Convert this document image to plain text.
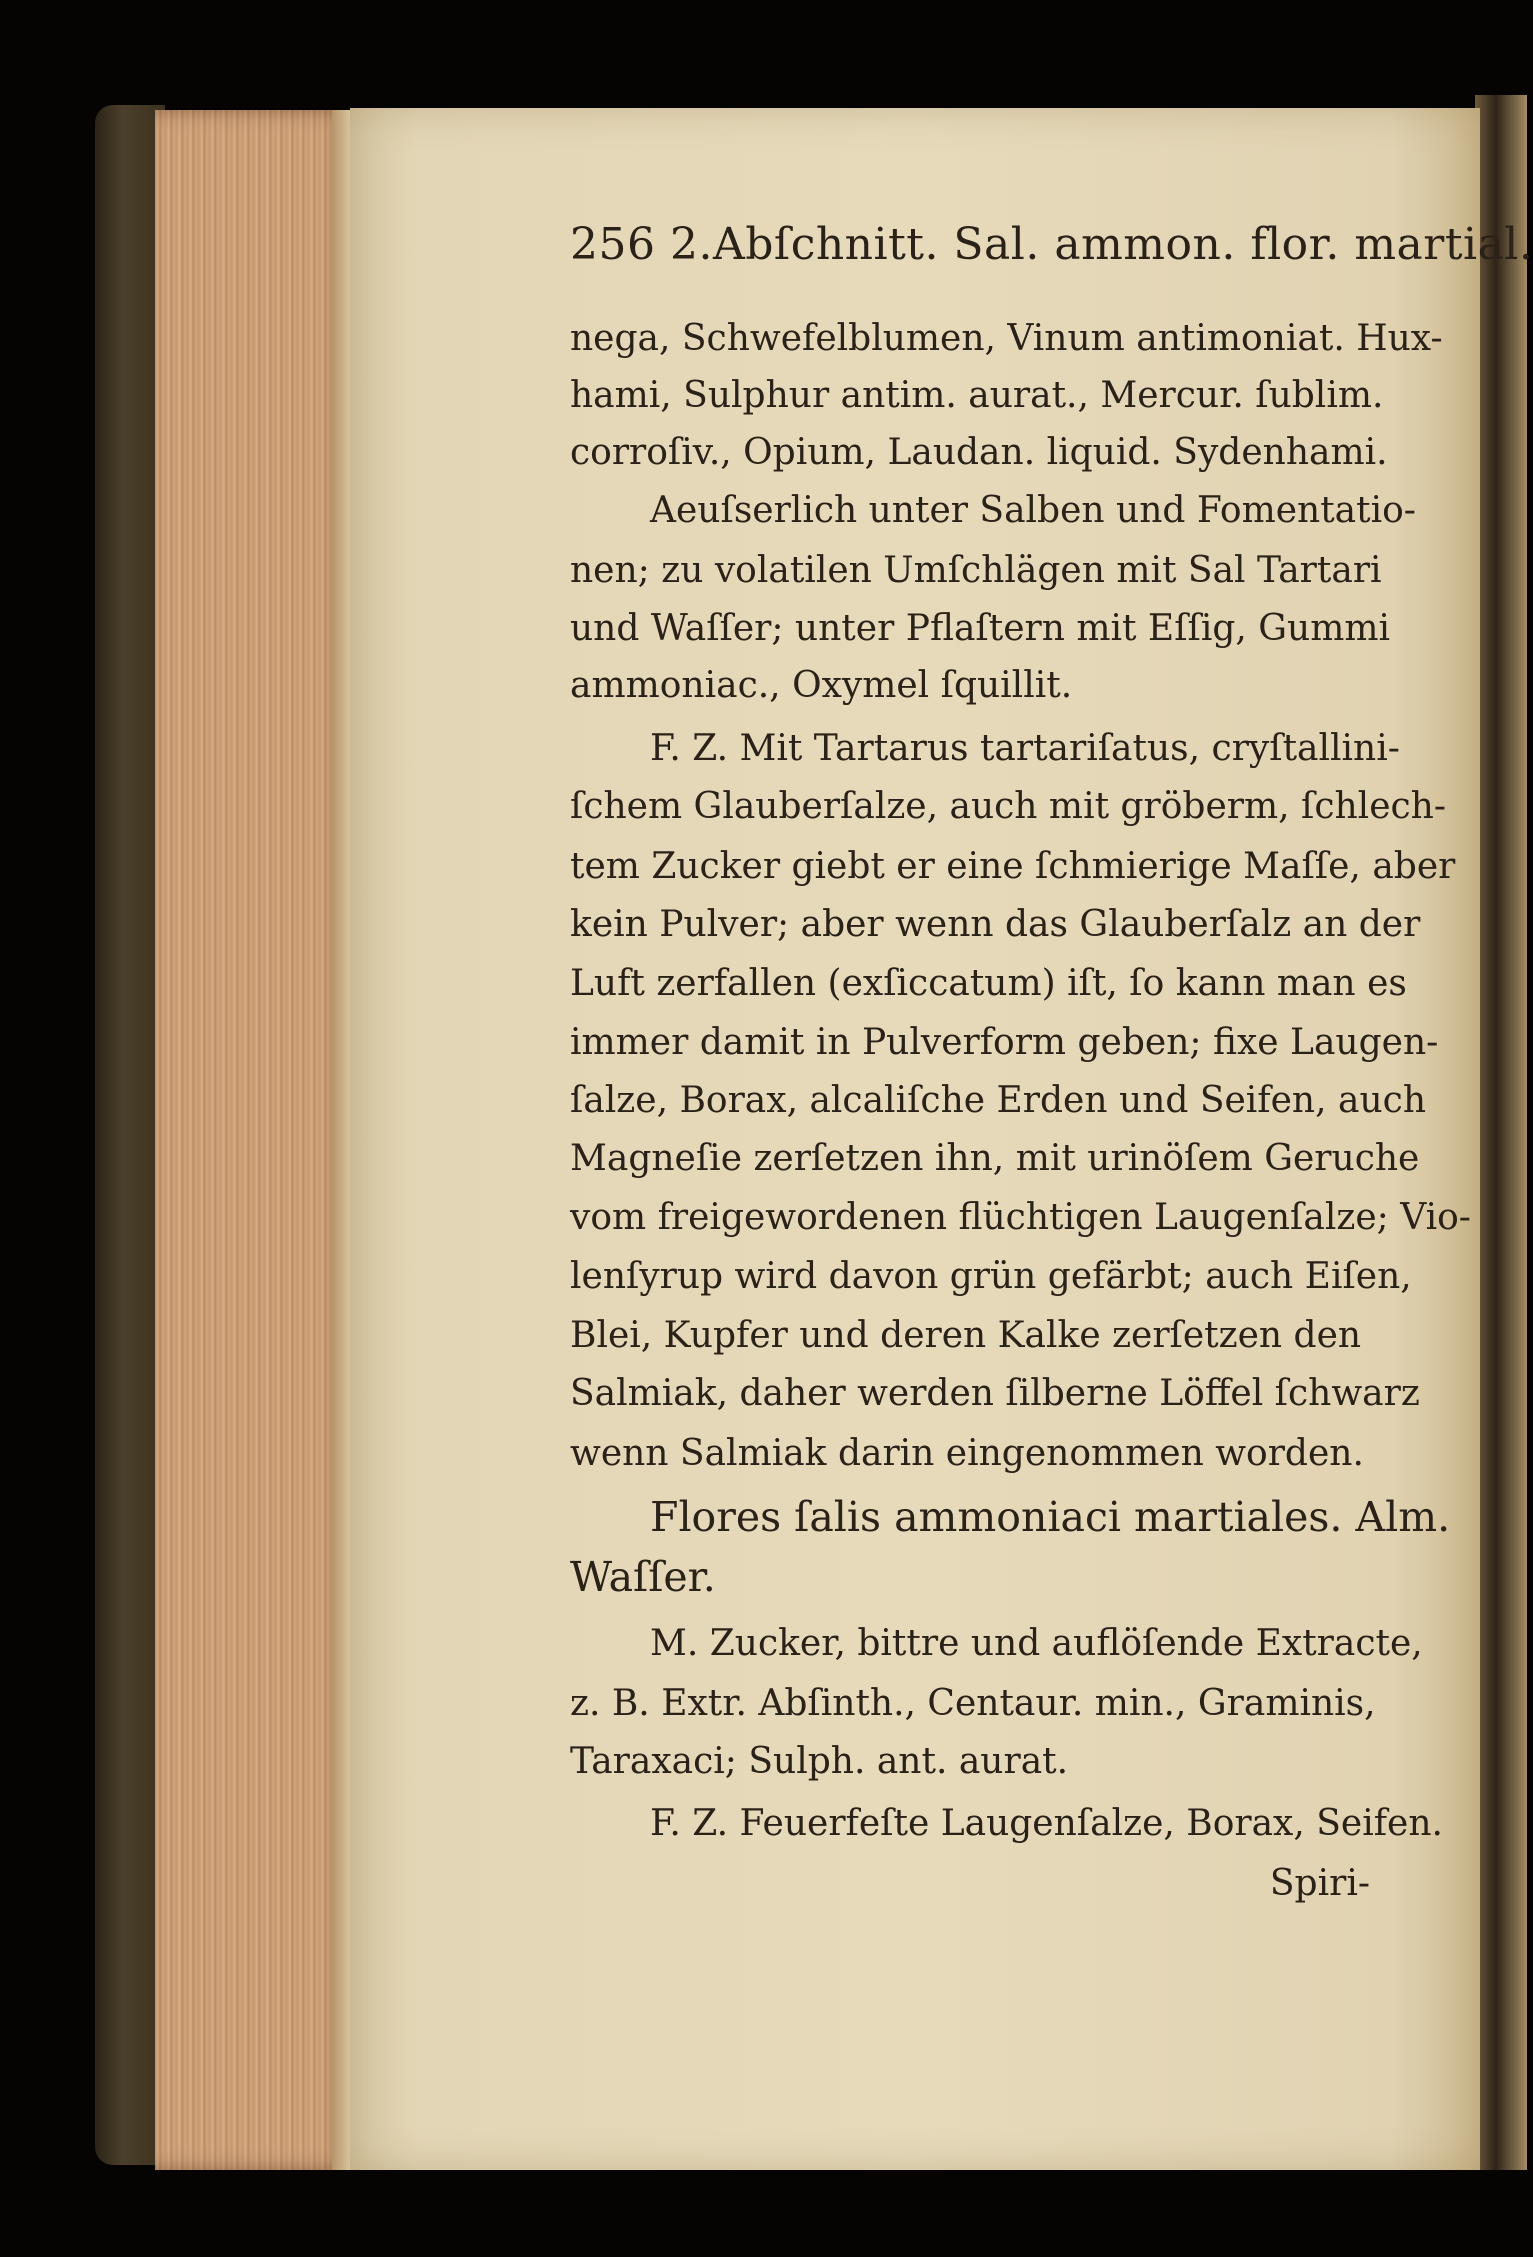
256 2.Abſchnitt. Sal. ammon. flor. martial.
nega, Schwefelblumen, Vinum antimoniat. Hux-
hami, Sulphur antim. aurat., Mercur. ſublim.
corroſiv., Opium, Laudan. liquid. Sydenhami.
Aeuſserlich unter Salben und Fomentatio-
nen; zu volatilen Umſchlägen mit Sal Tartari
und Waſſer; unter Pflaſtern mit Eſſig, Gummi
ammoniac., Oxymel ſquillit.
F. Z. Mit Tartarus tartariſatus, cryſtallini-
ſchem Glauberſalze, auch mit gröberm, ſchlech-
tem Zucker giebt er eine ſchmierige Maſſe, aber
kein Pulver; aber wenn das Glauberſalz an der
Luft zerfallen (exſiccatum) iſt, ſo kann man es
immer damit in Pulverform geben; fixe Laugen-
ſalze, Borax, alcaliſche Erden und Seifen, auch
Magneſie zerſetzen ihn, mit urinöſem Geruche
vom freigewordenen flüchtigen Laugenſalze; Vio-
lenſyrup wird davon grün gefärbt; auch Eiſen,
Blei, Kupfer und deren Kalke zerſetzen den
Salmiak, daher werden ſilberne Löffel ſchwarz
wenn Salmiak darin eingenommen worden.
Flores ſalis ammoniaci martiales. Alm.
Waſſer.
M. Zucker, bittre und auflöſende Extracte,
z. B. Extr. Abſinth., Centaur. min., Graminis,
Taraxaci; Sulph. ant. aurat.
F. Z. Feuerfeſte Laugenſalze, Borax, Seifen.
Spiri-
